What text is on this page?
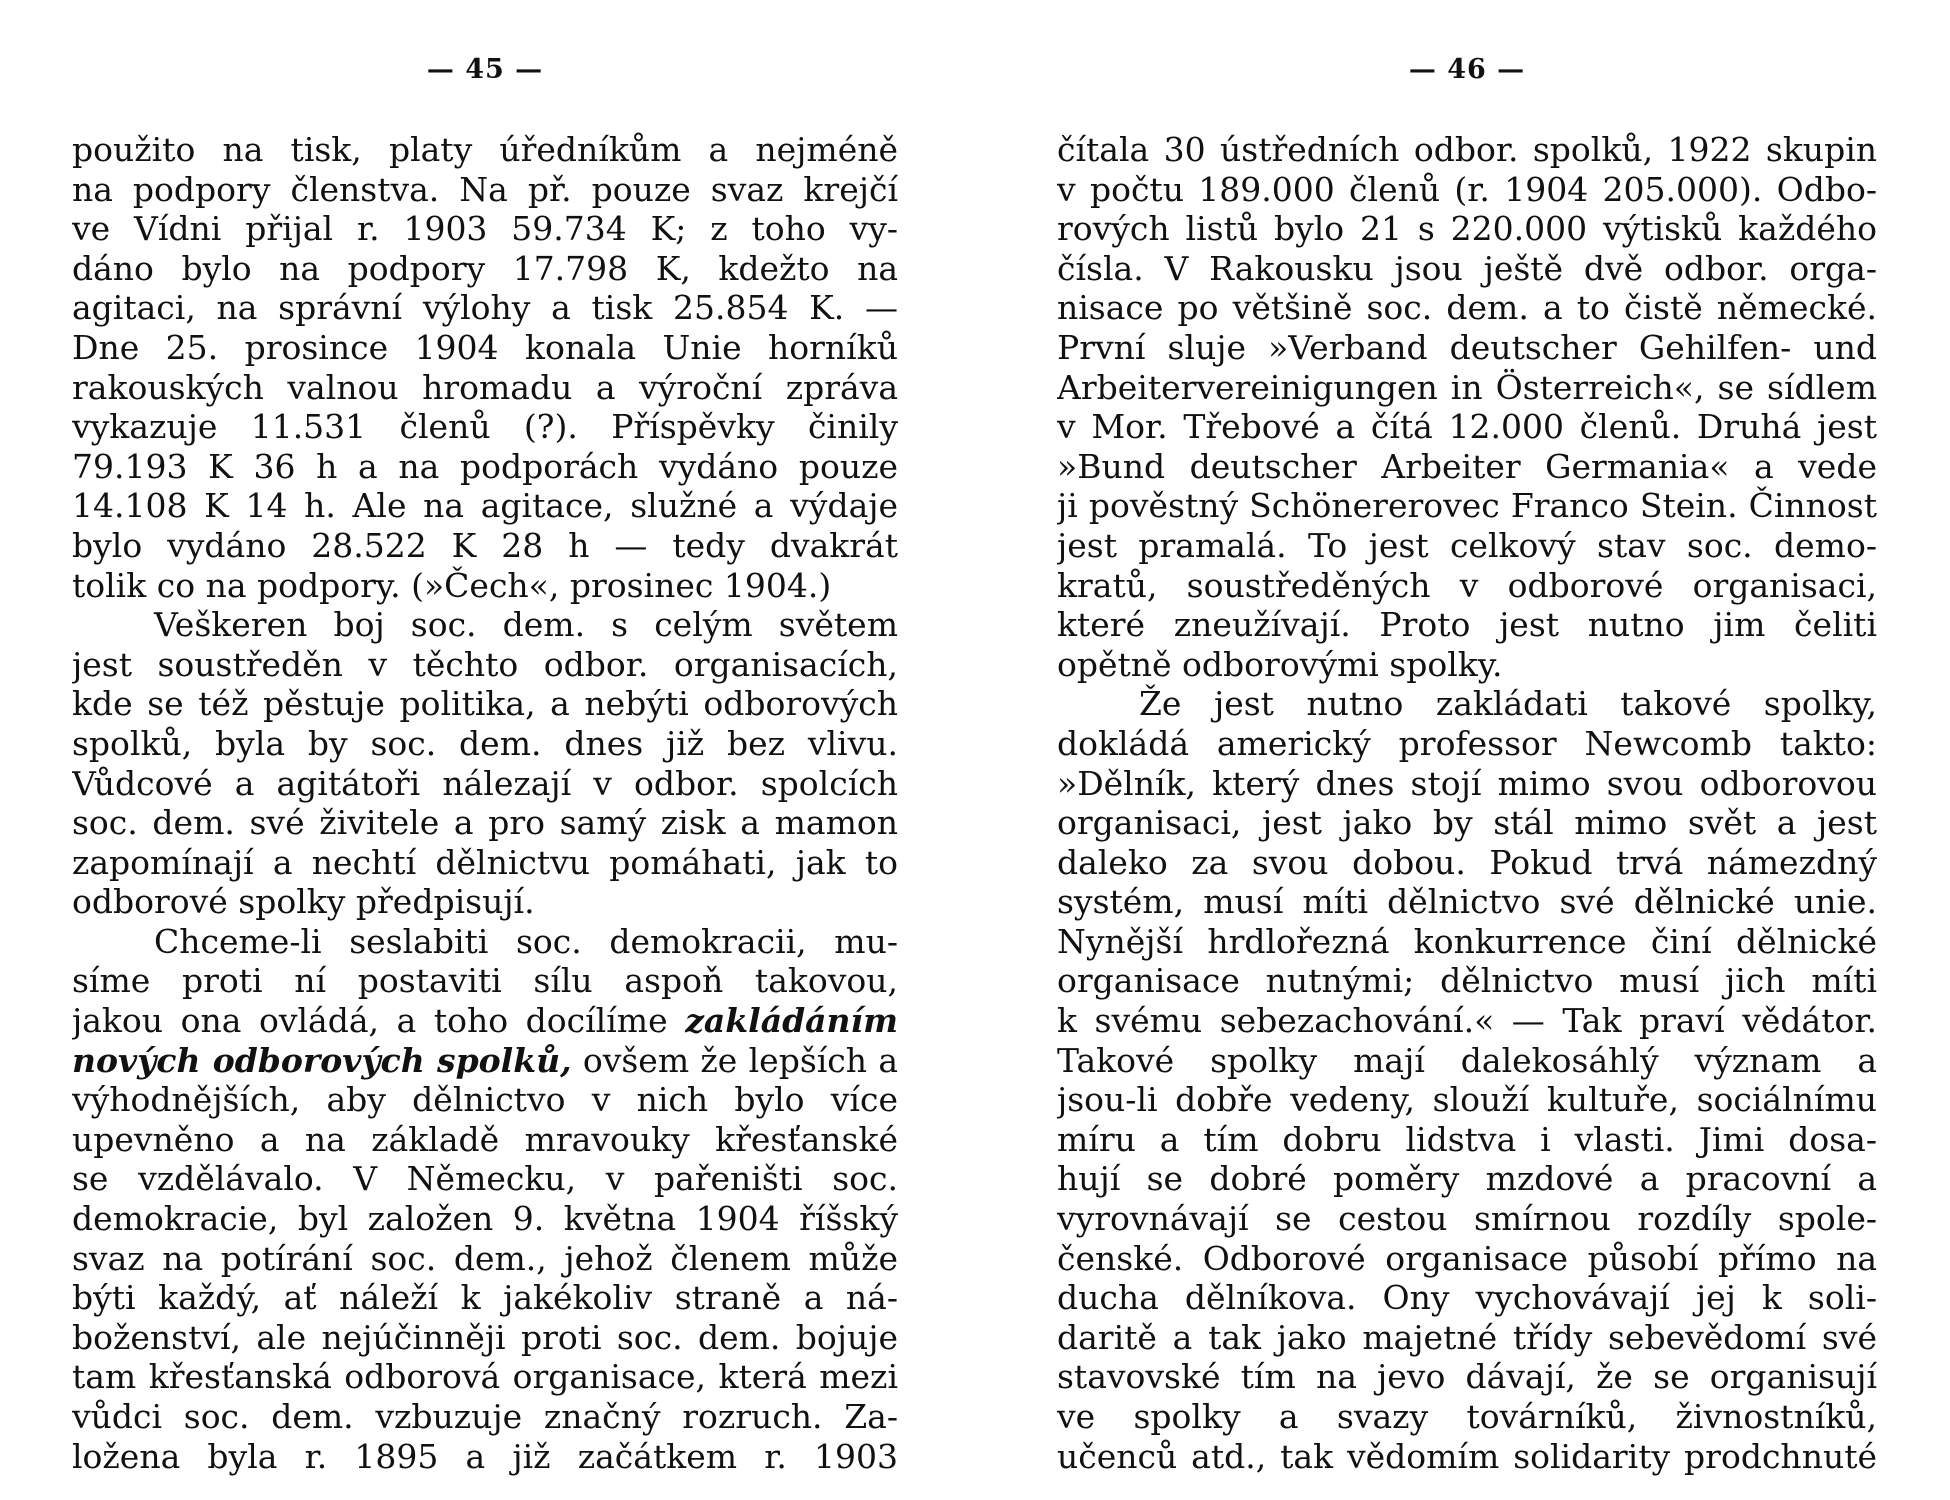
— 45 —
použito na tisk, platy úředníkům a nejméně
na podpory členstva. Na př. pouze svaz krejčí
ve Vídni přijal r. 1903 59.734 K; z toho vy-
dáno bylo na podpory 17.798 K, kdežto na
agitaci, na správní výlohy a tisk 25.854 K. —
Dne 25. prosince 1904 konala Unie horníků
rakouských valnou hromadu a výroční zpráva
vykazuje 11.531 členů (?). Příspěvky činily
79.193 K 36 h a na podporách vydáno pouze
14.108 K 14 h. Ale na agitace, služné a výdaje
bylo vydáno 28.522 K 28 h — tedy dvakrát
tolik co na podpory. (»Čech«, prosinec 1904.)
Veškeren boj soc. dem. s celým světem
jest soustředěn v těchto odbor. organisacích,
kde se též pěstuje politika, a nebýti odborových
spolků, byla by soc. dem. dnes již bez vlivu.
Vůdcové a agitátoři nálezají v odbor. spolcích
soc. dem. své živitele a pro samý zisk a mamon
zapomínají a nechtí dělnictvu pomáhati, jak to
odborové spolky předpisují.
Chceme-li seslabiti soc. demokracii, mu-
síme proti ní postaviti sílu aspoň takovou,
jakou ona ovládá, a toho docílíme zakládáním
nových odborových spolků, ovšem že lepších a
výhodnějších, aby dělnictvo v nich bylo více
upevněno a na základě mravouky křesťanské
se vzdělávalo. V Německu, v pařeništi soc.
demokracie, byl založen 9. května 1904 říšský
svaz na potírání soc. dem., jehož členem může
býti každý, ať náleží k jakékoliv straně a ná-
boženství, ale nejúčinněji proti soc. dem. bojuje
tam křesťanská odborová organisace, která mezi
vůdci soc. dem. vzbuzuje značný rozruch. Za-
ložena byla r. 1895 a již začátkem r. 1903
— 46 —
čítala 30 ústředních odbor. spolků, 1922 skupin
v počtu 189.000 členů (r. 1904 205.000). Odbo-
rových listů bylo 21 s 220.000 výtisků každého
čísla. V Rakousku jsou ještě dvě odbor. orga-
nisace po většině soc. dem. a to čistě německé.
První sluje »Verband deutscher Gehilfen- und
Arbeitervereinigungen in Österreich«, se sídlem
v Mor. Třebové a čítá 12.000 členů. Druhá jest
»Bund deutscher Arbeiter Germania« a vede
ji pověstný Schönererovec Franco Stein. Činnost
jest pramalá. To jest celkový stav soc. demo-
kratů, soustředěných v odborové organisaci,
které zneužívají. Proto jest nutno jim čeliti
opětně odborovými spolky.
Že jest nutno zakládati takové spolky,
dokládá americký professor Newcomb takto:
»Dělník, který dnes stojí mimo svou odborovou
organisaci, jest jako by stál mimo svět a jest
daleko za svou dobou. Pokud trvá námezdný
systém, musí míti dělnictvo své dělnické unie.
Nynější hrdlořezná konkurrence činí dělnické
organisace nutnými; dělnictvo musí jich míti
k svému sebezachování.« — Tak praví vědátor.
Takové spolky mají dalekosáhlý význam a
jsou-li dobře vedeny, slouží kultuře, sociálnímu
míru a tím dobru lidstva i vlasti. Jimi dosa-
hují se dobré poměry mzdové a pracovní a
vyrovnávají se cestou smírnou rozdíly spole-
čenské. Odborové organisace působí přímo na
ducha dělníkova. Ony vychovávají jej k soli-
daritě a tak jako majetné třídy sebevědomí své
stavovské tím na jevo dávají, že se organisují
ve spolky a svazy továrníků, živnostníků,
učenců atd., tak vědomím solidarity prodchnuté
